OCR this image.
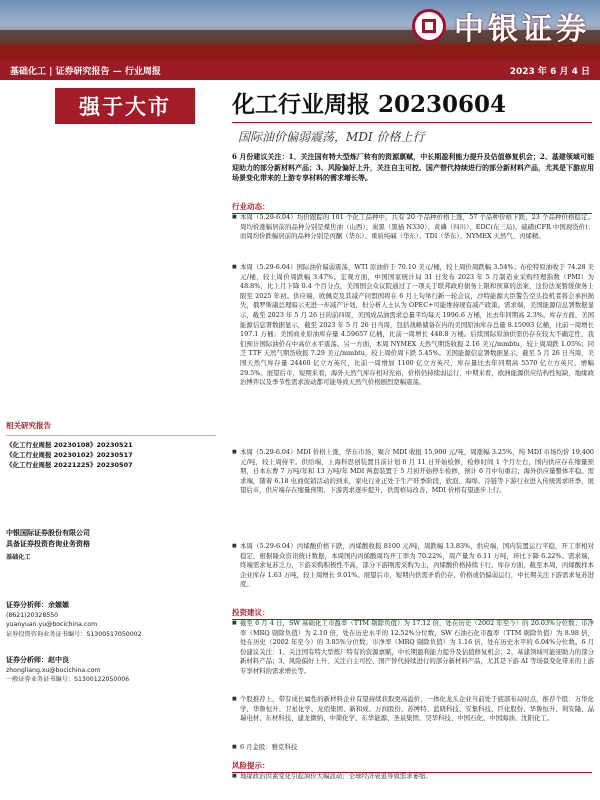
中银证券
基础化工 | 证券研究报告 — 行业周报	2023 年 6 月 4 日
强于大市	化工行业周报 20230604
国际油价偏弱震荡，MDI 价格上行
6 月份建议关注：1、关注国有特大型炼厂转有的资源禀赋，中长期盈利能力提升及估值修复机会；2、基建领域可能迎助力的部分新材料产品；3、风险偏好上升，关注自主可控、国产替代持续进行的部分新材料产品，尤其是下游应用场景变化带来的上游专享材料的需求增长等。
行业动态：
■ 本周（5.29-6.04）均价跟踪的 101 个化工品种中，共有 20 个品种价格上涨，57 个品种价格下跌，23 个品种价格稳定。周均价涨幅居前的品种分别是煤焦油（山西）、炭黑（黑猫 N330）、黄磷（四川）、EDC(东三局)、硫磺(CFR 中国现货价)；而周均价跌幅居前的品种分别是丙酮（华东）、重质纯碱（华东）、TDI（华东）、NYMEX 天然气、丙烯精。
■ 本周（5.29-6.04）国际油价偏弱震荡，WTI 原油价于 70.10 美元/桶，较上周价周跌幅 3.54%；布伦特原油收于 74.28 美元/桶，较上周价周跌幅 3.47%。宏观方面，中国国家统计局 31 日发布 2023 年 5 月制造业采购经理指数（PMI）为 48.8%，比上月下降 0.4 个百分点，美国国会众议院通过了一项关于联邦政府债务上限和预算的法案，这份法案暂缓债务上限至 2025 年初。供应端，欧佩克及其减产同盟国将在 6 月上旬举行新一轮会议，沙特能源大臣警告空头投机者将会承担损失，俄罗斯副总理暗示无进一步减产计划，但分析人士认为 OPEC+可能维持现有减产政策。需求端，美国能源信息署数据显示，截至 2023 年 5 月 26 日的前四周，美国成品油需求总量平均每天 1996.6 万桶，比去年同期高 2.3%。库存方面，美国能源信息署数据显示，截至 2023 年 5 月 26 日当周，包括战略储备在内的美国原油库存总量 8.15093 亿桶，比前一周增长 197.1 万桶；美国商业原油库存量 4.59657 亿桶，比前一周增长 448.8 万桶。后续国际原油供需仍存在较大不确定性，我们预计国际油价在中高位水平震荡。另一方面，本周 NYMEX 天然气期货收报 2.16 美元/mmbtu，较上周周跌 1.05%；同芝 TTF 天然气期货收报 7.29 美元/mmbtu，较上周价周下跌 5.45%。美国能源信息署数据显示，截至 5 月 26 日当周，美国天然气库存量 24460 亿立方英尺，比前一周增加 1100 亿立方英尺，库存量比去年同期高 5570 亿立方英尺，增幅 29.5%。展望后市，短期来看，海外天然气库存相对充裕，价格仍持续弱运行，中期来看，欧洲能源供应结构性短缺，地缘政治博弈以及季节性需求波动都可能导致天然气价格剧烈宽幅震荡。
■ 本周（5.29-6.04）MDI 价格上涨，华东市场，聚合 MDI 收报 15,900 元/吨，周涨幅 3.25%，纯 MDI 市场均价 19,400 元/吨，较上周持平。供给端，上海科思创装置目前计划 6 月 11 日开始检修，检修时间 1 个月左右，国内供应存在缩量预期，日本东曹 7 万吨/年和 13 万吨/年 MDI 两套装置于 5 月初开始停车检修，预计 6 月中旬重启；海外供应量整体平稳。需求端，随着 6.18 电商促销活动的到来，家电行业正处于生产旺季阶段，软泡、海绵、冷链等下游行业进入传统需求旺季，展望后市，供应端存在缩量预期，下游需求逐步提升，供需格局改善，MDI 价格有望逐步上行。
■ 本周（5.29-6.04）丙烯酸价格下跌，丙烯酸收报 8100 元/吨，周跌幅 13.83%，供应端，国内装置运行平稳，开工率相对稳定，根据隆众资讯统计数据，本周国内丙烯酸周均开工率为 70.22%，周产量为 6.11 万吨，环比下降 6.22%。需求端，终端需求复苏乏力，下游采购积极性不高，部分下游刚需采购为主，丙烯酸价格持续下行。库存方面，截至本周，丙烯酸样本企业库存 1.63 万吨，较上周增长 9.01%。展望后市，短期内供需矛盾仍存，价格或仍偏弱运行，中长期关注下游需求复苏进度。
投资建议：
■ 截至 6 月 4 日，SW 基础化工市盈率（TTM 剔除负值）为 17.12 倍，处在历史（2002 年至今）的 20.03%分位数；市净率（MRQ 剔除负值）为 2.10 倍，处在历史水平的 12.52%分位数，SW 石油石化市盈率（TTM 剔除负值）为 8.98 倍，处在历史（2002 年至今）的 3.85%分位数；市净率（MRQ 剔除负值）为 1.16 倍，处在历史水平的 6.04%分位数。6 月份建议关注：1、关注国有特大型炼厂特有的资源禀赋，中长期盈利能力提升及估值修复机会；2、基建领域可能迎助力的部分新材料产品；3、风险偏好上升，关注自主可控、国产替代持续进行的部分新材料产品，尤其是下游 AI 等场景变化带来的上游专享材料的需求增长等。
■ 个股推荐上，带有成长属性的新材料企业有望持续获取更高溢价，一体化龙头企业当前处于底部布局时点，推荐个股：万华化学、华鲁恒升、卫星化学、龙佰集团、新和成、万润股份、苏博特、蓝晓科技、安集科技、巨化股份、华鲁恒升、利安隆、晶瑞电材、东材科技、建龙微纳、中简化学、东华能源、圣泉集团、昊华科技、中国石化、中国海油、沈阳化工。
■ 6 月金股：雅克科技
风险提示：
■ 地缘政治因素变化引起油价大幅波动；全球经济衰退导致需求萎缩。
相关研究报告
《化工行业周报 20230108》20230521
《化工行业周报 20230102》20230517
《化工行业周报 20221225》20230507
中银国际证券股份有限公司
具备证券投资咨询业务资格
基础化工
证券分析师：余嫄嫄
(8621)20328550
yuanyuan.yu@bocichina.com
证券投资咨询业务证书编号：S1300517050002
证券分析师：赵中良
zhongliang.xu@bocichina.com
一般证券业务证书编号：S1300122050006
